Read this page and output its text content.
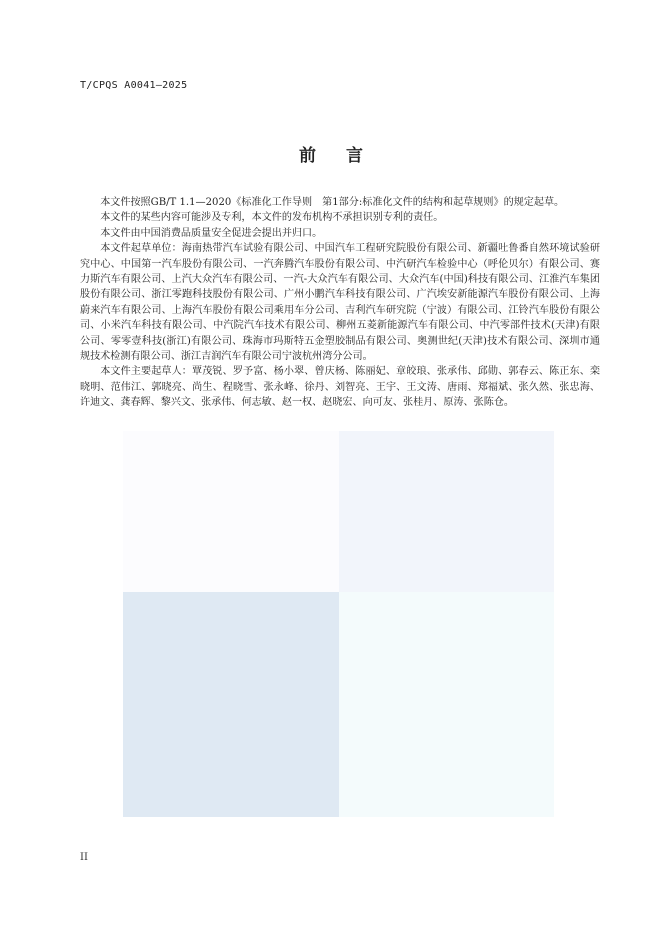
T/CPQS A0041—2025
前 言

本文件按照GB/T 1.1—2020《标准化工作导则　第1部分:标准化文件的结构和起草规则》的规定起草。

本文件的某些内容可能涉及专利，本文件的发布机构不承担识别专利的责任。

本文件由中国消费品质量安全促进会提出并归口。

本文件起草单位：海南热带汽车试验有限公司、中国汽车工程研究院股份有限公司、新疆吐鲁番自然环境试验研究中心、中国第一汽车股份有限公司、一汽奔腾汽车股份有限公司、中汽研汽车检验中心（呼伦贝尔）有限公司、赛力斯汽车有限公司、上汽大众汽车有限公司、一汽-大众汽车有限公司、大众汽车(中国)科技有限公司、江淮汽车集团股份有限公司、浙江零跑科技股份有限公司、广州小鹏汽车科技有限公司、广汽埃安新能源汽车股份有限公司、上海蔚来汽车有限公司、上海汽车股份有限公司乘用车分公司、吉利汽车研究院（宁波）有限公司、江铃汽车股份有限公司、小米汽车科技有限公司、中汽院汽车技术有限公司、柳州五菱新能源汽车有限公司、中汽零部件技术(天津)有限公司、零零壹科技(浙江)有限公司、珠海市玛斯特五金塑胶制品有限公司、奥测世纪(天津)技术有限公司、深圳市通规技术检测有限公司、浙江吉润汽车有限公司宁波杭州湾分公司。

本文件主要起草人：覃茂锐、罗予富、杨小翠、曾庆杨、陈丽妃、章皎琅、张承伟、邱勋、郭春云、陈正东、栾晓明、范伟江、郭晓亮、尚生、程晓雪、张永峰、徐丹、刘智亮、王宇、王文涛、唐雨、郑福斌、张久然、张忠海、许迪文、龚春辉、黎兴文、张承伟、何志敏、赵一权、赵晓宏、向可友、张桂月、原涛、张陈仓。

II
